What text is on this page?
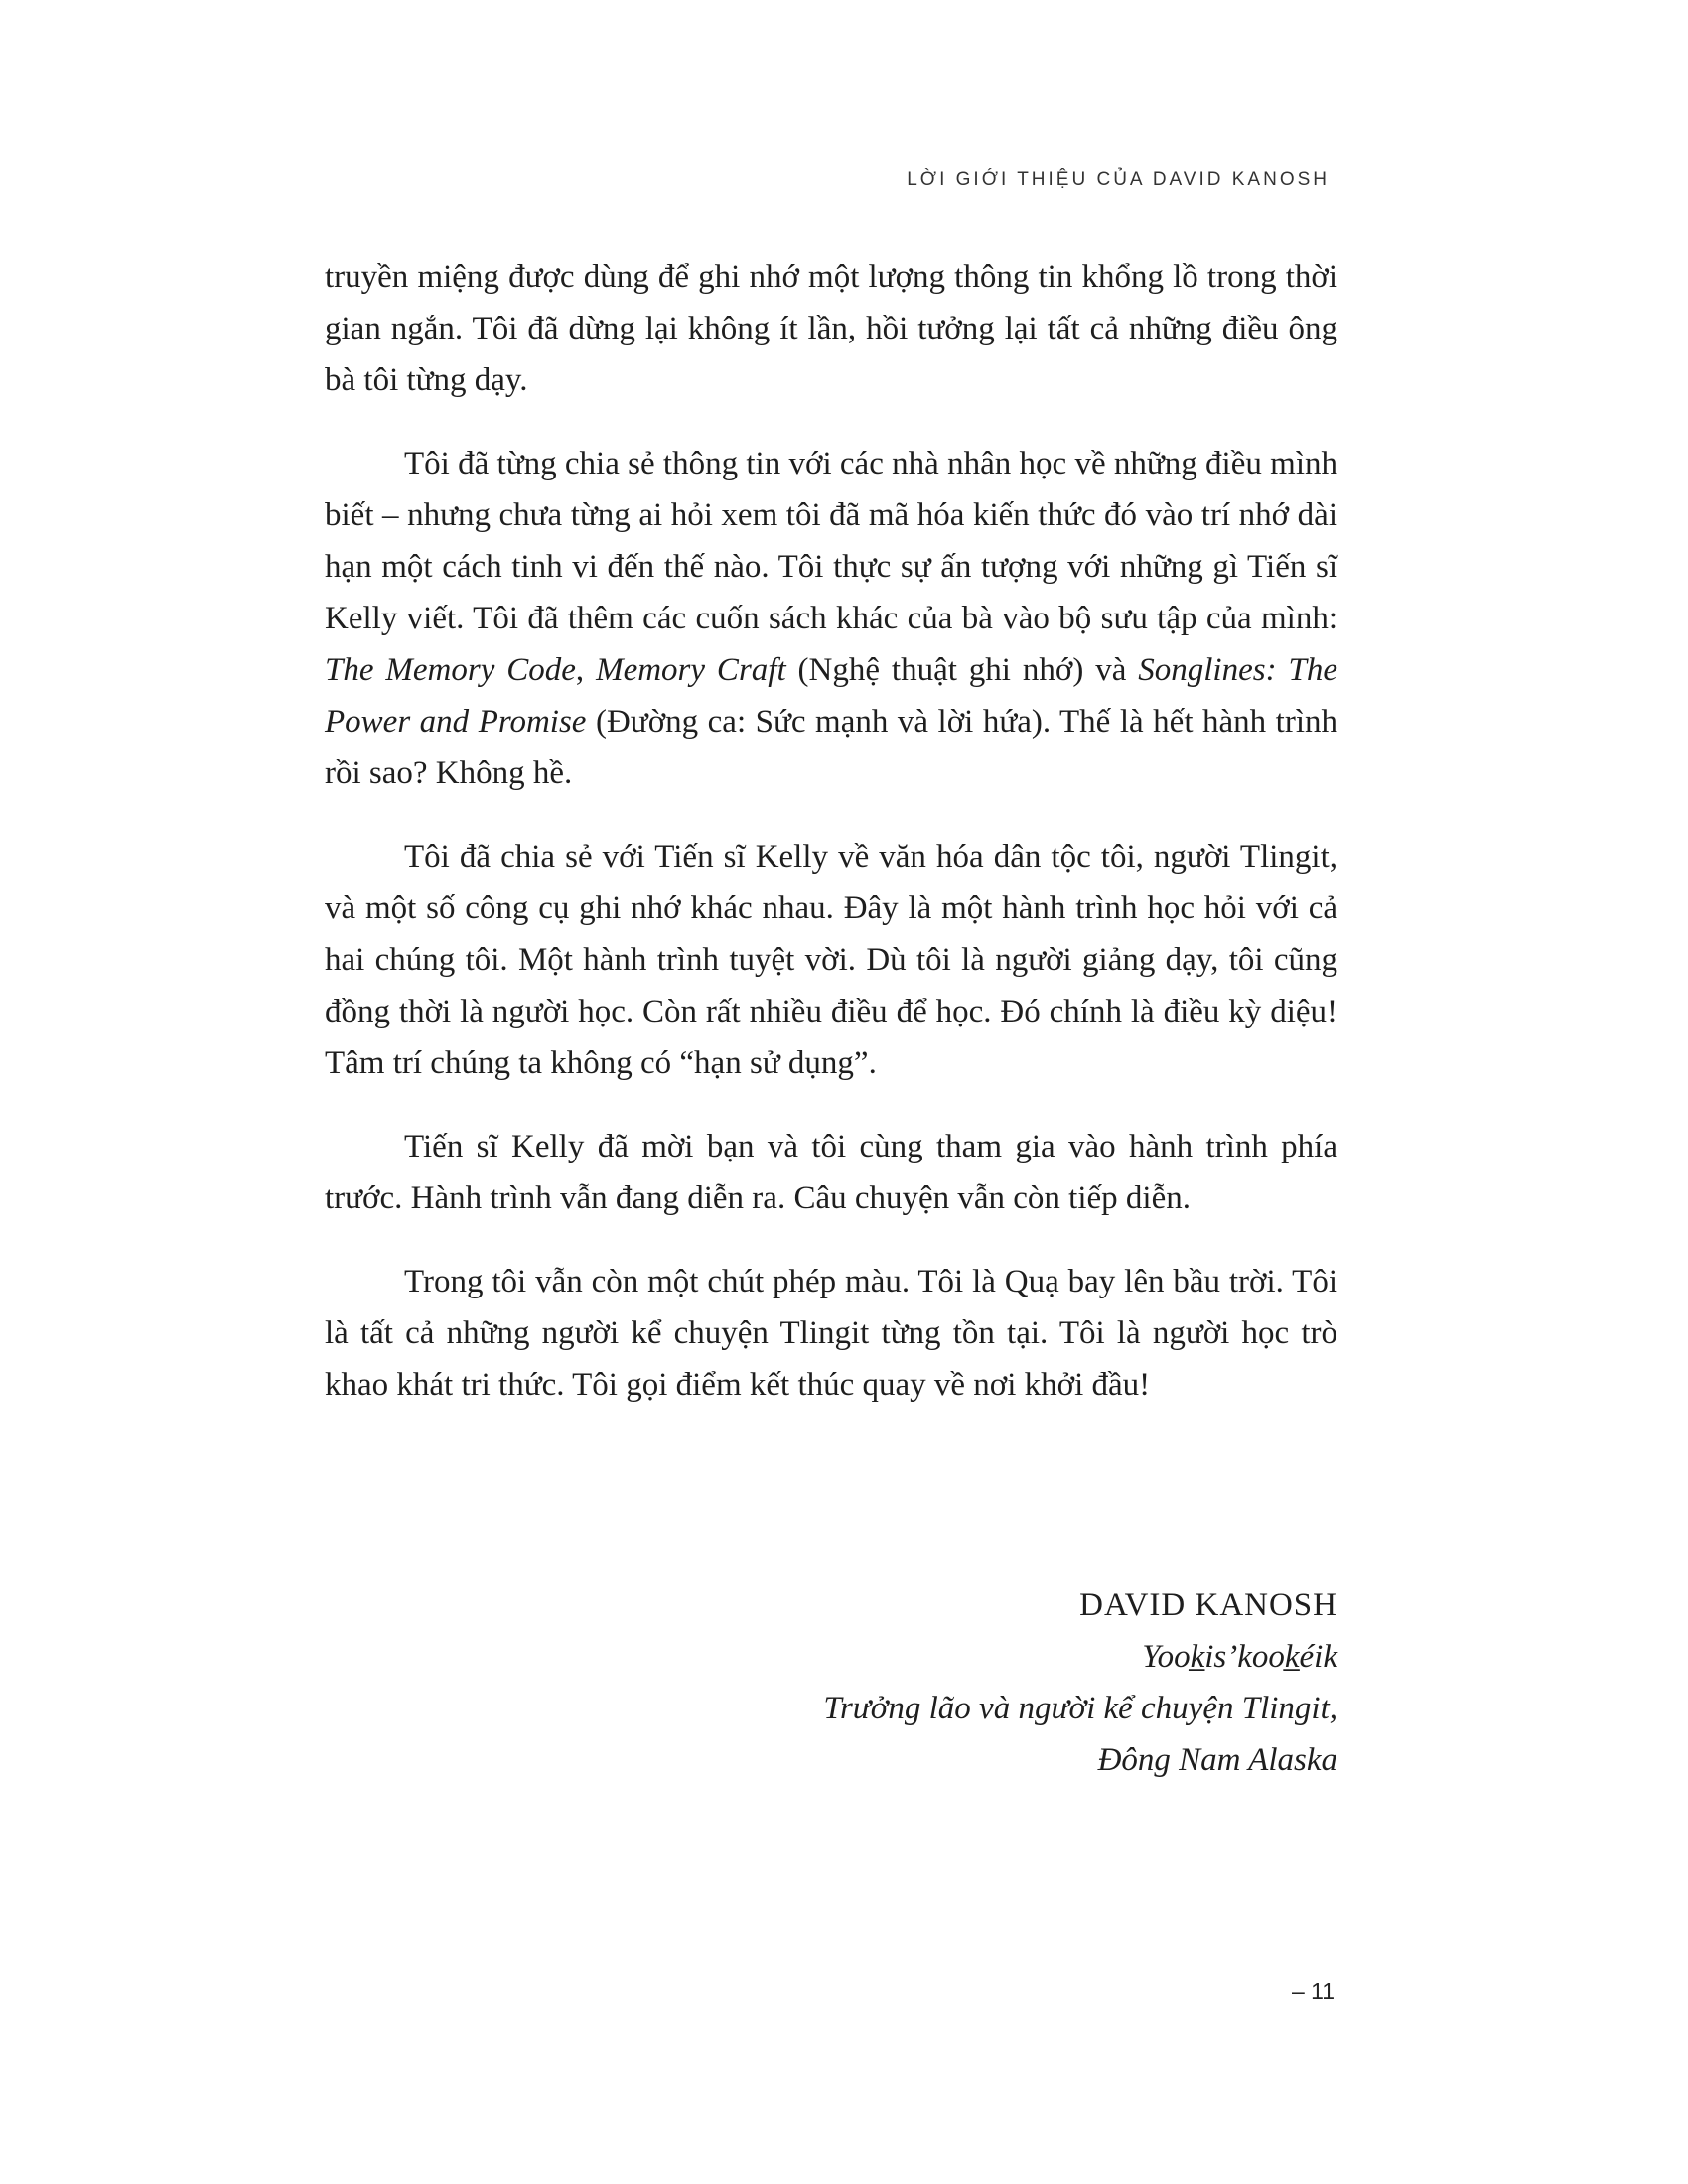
LỜI GIỚI THIỆU CỦA DAVID KANOSH

truyền miệng được dùng để ghi nhớ một lượng thông tin khổng lồ trong thời gian ngắn. Tôi đã dừng lại không ít lần, hồi tưởng lại tất cả những điều ông bà tôi từng dạy.

Tôi đã từng chia sẻ thông tin với các nhà nhân học về những điều mình biết – nhưng chưa từng ai hỏi xem tôi đã mã hóa kiến thức đó vào trí nhớ dài hạn một cách tinh vi đến thế nào. Tôi thực sự ấn tượng với những gì Tiến sĩ Kelly viết. Tôi đã thêm các cuốn sách khác của bà vào bộ sưu tập của mình: The Memory Code, Memory Craft (Nghệ thuật ghi nhớ) và Songlines: The Power and Promise (Đường ca: Sức mạnh và lời hứa). Thế là hết hành trình rồi sao? Không hề.

Tôi đã chia sẻ với Tiến sĩ Kelly về văn hóa dân tộc tôi, người Tlingit, và một số công cụ ghi nhớ khác nhau. Đây là một hành trình học hỏi với cả hai chúng tôi. Một hành trình tuyệt vời. Dù tôi là người giảng dạy, tôi cũng đồng thời là người học. Còn rất nhiều điều để học. Đó chính là điều kỳ diệu! Tâm trí chúng ta không có “hạn sử dụng”.

Tiến sĩ Kelly đã mời bạn và tôi cùng tham gia vào hành trình phía trước. Hành trình vẫn đang diễn ra. Câu chuyện vẫn còn tiếp diễn.

Trong tôi vẫn còn một chút phép màu. Tôi là Quạ bay lên bầu trời. Tôi là tất cả những người kể chuyện Tlingit từng tồn tại. Tôi là người học trò khao khát tri thức. Tôi gọi điểm kết thúc quay về nơi khởi đầu!

DAVID KANOSH
Yook̲is’kook̲éik
Trưởng lão và người kể chuyện Tlingit,
Đông Nam Alaska
– 11
